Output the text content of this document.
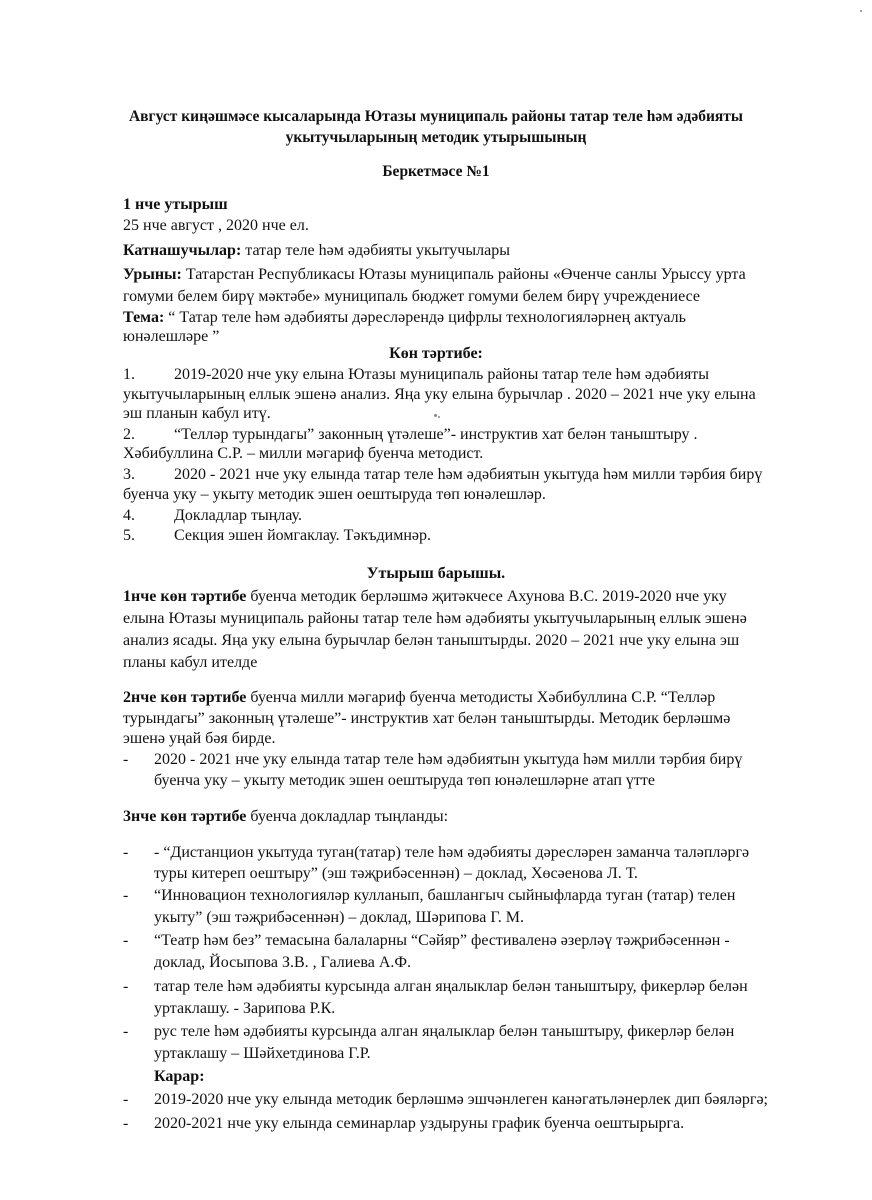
Август киңәшмәсе кысаларында Ютазы муниципаль районы татар теле һәм әдәбияты
укытучыларының методик утырышының
Беркетмәсе №1
1 нче утырыш
25 нче август , 2020 нче ел.
Катнашучылар: татар теле һәм әдәбияты укытучылары
Урыны: Татарстан Республикасы Ютазы муниципаль районы «Өченче санлы Урыссу урта
гомуми белем бирү мәктәбе» муниципаль бюджет гомуми белем бирү учреждениесе
Тема: “ Татар теле һәм әдәбияты дәресләрендә цифрлы технологияләрнең актуаль
юнәлешләре ”
Көн тәртибе:
1. 2019-2020 нче уку елына Ютазы муниципаль районы татар теле һәм әдәбияты
укытучыларының еллык эшенә анализ. Яңа уку елына бурычлар . 2020 – 2021 нче уку елына
эш планын кабул итү.
2. “Телләр турындагы” законның үтәлеше”- инструктив хат белән таныштыру .
Хәбибуллина С.Р. – милли мәгариф буенча методист.
3. 2020 - 2021 нче уку елында татар теле һәм әдәбиятын укытуда һәм милли тәрбия бирү
буенча уку – укыту методик эшен оештыруда төп юнәлешләр.
4. Докладлар тыңлау.
5. Секция эшен йомгаклау. Тәкъдимнәр.
Утырыш барышы.
1нче көн тәртибе буенча методик берләшмә җитәкчесе Ахунова В.С. 2019-2020 нче уку
елына Ютазы муниципаль районы татар теле һәм әдәбияты укытучыларының еллык эшенә
анализ ясады. Яңа уку елына бурычлар белән таныштырды. 2020 – 2021 нче уку елына эш
планы кабул ителде
2нче көн тәртибе буенча милли мәгариф буенча методисты Хәбибуллина С.Р. “Телләр
турындагы” законның үтәлеше”- инструктив хат белән таныштырды. Методик берләшмә
эшенә уңай бәя бирде.
- 2020 - 2021 нче уку елында татар теле һәм әдәбиятын укытуда һәм милли тәрбия бирү
буенча уку – укыту методик эшен оештыруда төп юнәлешләрне атап үтте
3нче көн тәртибе буенча докладлар тыңланды:
- - “Дистанцион укытуда туган(татар) теле һәм әдәбияты дәресләрен заманча таләпләргә
туры китереп оештыру” (эш тәҗрибәсеннән) – доклад, Хөсәенова Л. Т.
- “Инновацион технологияләр кулланып, башлангыч сыйныфларда туган (татар) телен
укыту” (эш тәҗрибәсеннән) – доклад, Шәрипова Г. М.
- “Театр һәм без” темасына балаларны “Сәйяр” фестиваленә әзерләү тәҗрибәсеннән -
доклад, Йосыпова З.В. , Галиева А.Ф.
- татар теле һәм әдәбияты курсында алган яңалыклар белән таныштыру, фикерләр белән
уртаклашу. - Зарипова Р.К.
- рус теле һәм әдәбияты курсында алган яңалыклар белән таныштыру, фикерләр белән
уртаклашу – Шәйхетдинова Г.Р.
Карар:
- 2019-2020 нче уку елында методик берләшмә эшчәнлеген канәгатьләнерлек дип бәяләргә;
- 2020-2021 нче уку елында семинарлар уздыруны график буенча оештырырга.
